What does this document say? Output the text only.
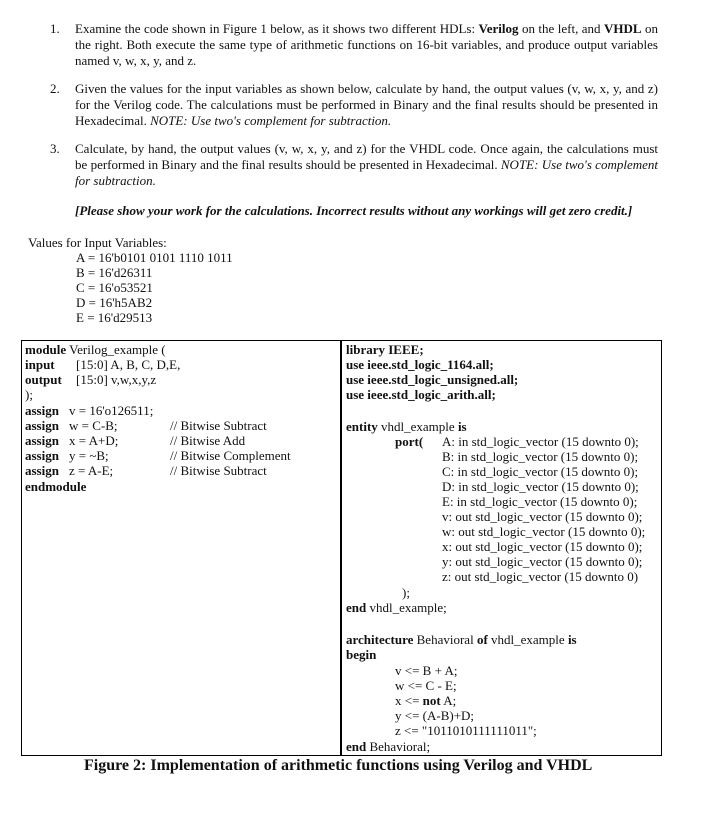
1. Examine the code shown in Figure 1 below, as it shows two different HDLs: Verilog on the left, and VHDL on the right. Both execute the same type of arithmetic functions on 16-bit variables, and produce output variables named v, w, x, y, and z.
2. Given the values for the input variables as shown below, calculate by hand, the output values (v, w, x, y, and z) for the Verilog code. The calculations must be performed in Binary and the final results should be presented in Hexadecimal. NOTE: Use two's complement for subtraction.
3. Calculate, by hand, the output values (v, w, x, y, and z) for the VHDL code. Once again, the calculations must be performed in Binary and the final results should be presented in Hexadecimal. NOTE: Use two's complement for subtraction.
[Please show your work for the calculations. Incorrect results without any workings will get zero credit.]
Values for Input Variables:
A = 16'b0101 0101 1110 1011
B = 16'd26311
C = 16'o53521
D = 16'h5AB2
E = 16'd29513
module Verilog_example (
input [15:0] A, B, C, D,E,
output [15:0] v,w,x,y,z
);
assign v = 16'o126511;
assign w = C-B;	// Bitwise Subtract
assign x = A+D;	// Bitwise Add
assign y = ~B;	// Bitwise Complement
assign z = A-E;	// Bitwise Subtract
endmodule
library IEEE;
use ieee.std_logic_1164.all;
use ieee.std_logic_unsigned.all;
use ieee.std_logic_arith.all;
entity vhdl_example is
port( A: in std_logic_vector (15 downto 0);
B: in std_logic_vector (15 downto 0);
C: in std_logic_vector (15 downto 0);
D: in std_logic_vector (15 downto 0);
E: in std_logic_vector (15 downto 0);
v: out std_logic_vector (15 downto 0);
w: out std_logic_vector (15 downto 0);
x: out std_logic_vector (15 downto 0);
y: out std_logic_vector (15 downto 0);
z: out std_logic_vector (15 downto 0)
);
end vhdl_example;
architecture Behavioral of vhdl_example is
begin
v <= B + A;
w <= C - E;
x <= not A;
y <= (A-B)+D;
z <= "1011010111111011";
end Behavioral;
Figure 2: Implementation of arithmetic functions using Verilog and VHDL
